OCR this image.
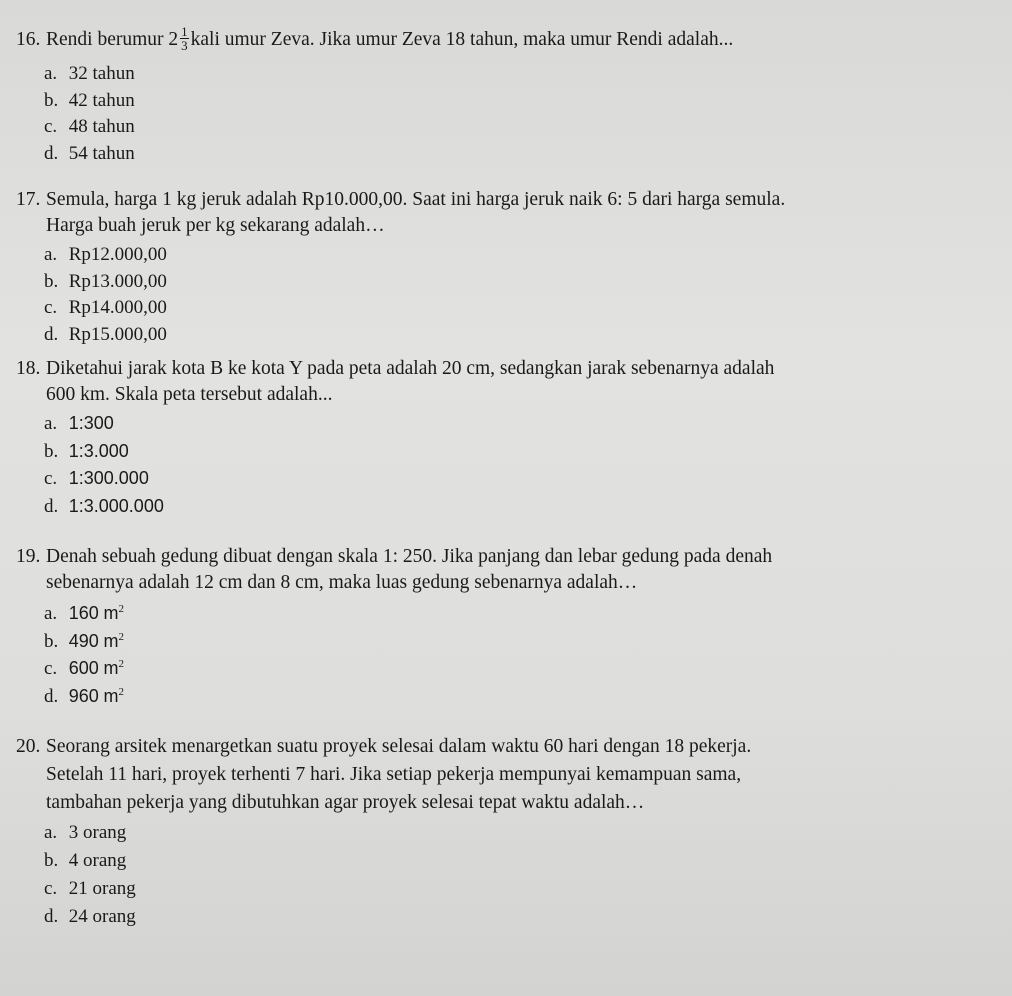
16. Rendi berumur $2 \frac{1}{3}$ kali umur Zeva. Jika umur Zeva 18 tahun, maka umur Rendi adalah...

a. 32 tahun
b. 42 tahun
c. 48 tahun
d. 54 tahun

17. Semula, harga 1 kg jeruk adalah Rp10.000,00. Saat ini harga jeruk naik 6: 5 dari harga semula.
Harga buah jeruk per kg sekarang adalah…

a. Rp12.000,00
b. Rp13.000,00
c. Rp14.000,00
d. Rp15.000,00

18. Diketahui jarak kota B ke kota Y pada peta adalah 20 cm, sedangkan jarak sebenarnya adalah
600 km. Skala peta tersebut adalah...

a. 1:300
b. 1:3.000
c. 1:300.000
d. 1:3.000.000

19. Denah sebuah gedung dibuat dengan skala 1: 250. Jika panjang dan lebar gedung pada denah
sebenarnya adalah 12 cm dan 8 cm, maka luas gedung sebenarnya adalah…

a. 160 $m^2$
b. 490 $m^2$
c. 600 $m^2$
d. 960 $m^2$

20. Seorang arsitek menargetkan suatu proyek selesai dalam waktu 60 hari dengan 18 pekerja.
Setelah 11 hari, proyek terhenti 7 hari. Jika setiap pekerja mempunyai kemampuan sama,
tambahan pekerja yang dibutuhkan agar proyek selesai tepat waktu adalah…

a. 3 orang
b. 4 orang
c. 21 orang
d. 24 orang
